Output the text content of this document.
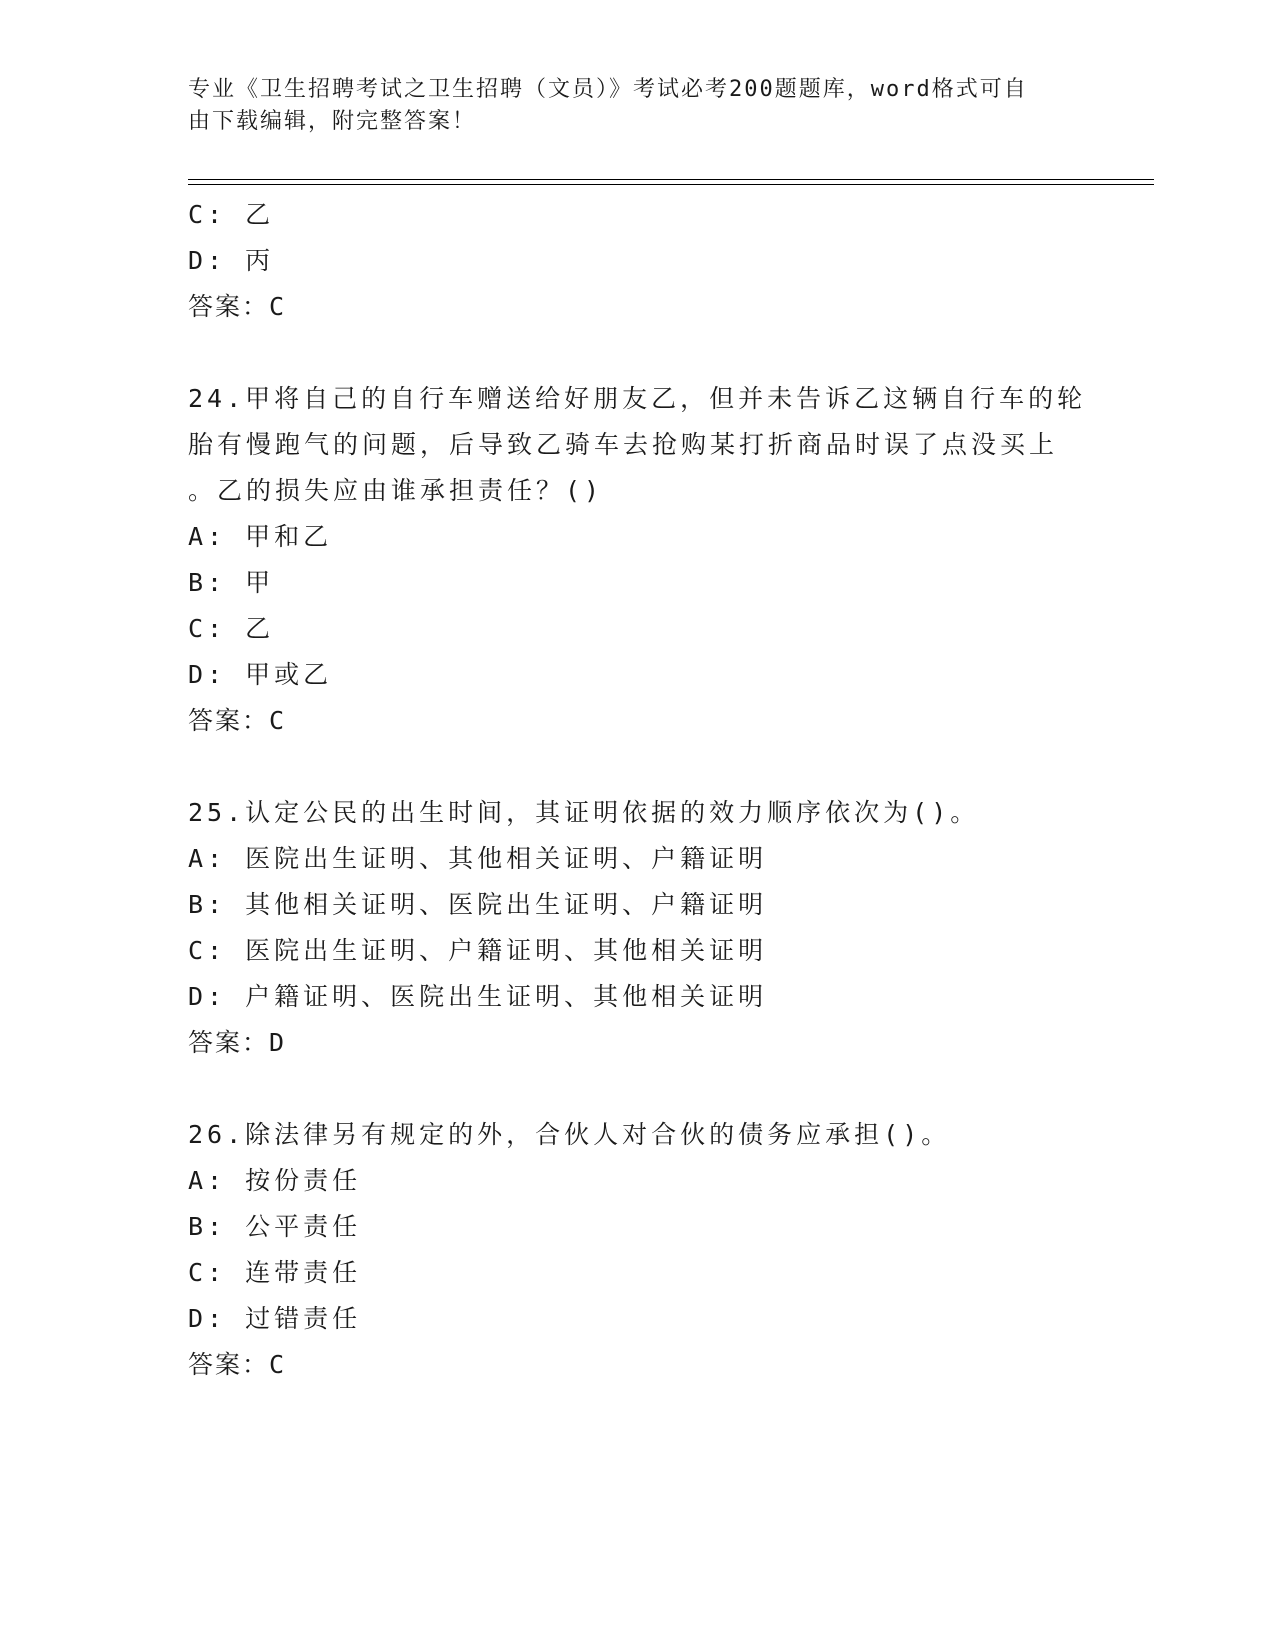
专业《卫生招聘考试之卫生招聘（文员）》考试必考200题题库，word格式可自
由下载编辑，附完整答案！
C: 乙
D: 丙
答案：C
24.甲将自己的自行车赠送给好朋友乙，但并未告诉乙这辆自行车的轮
胎有慢跑气的问题，后导致乙骑车去抢购某打折商品时误了点没买上
。乙的损失应由谁承担责任？()
A: 甲和乙
B: 甲
C: 乙
D: 甲或乙
答案：C
25.认定公民的出生时间，其证明依据的效力顺序依次为()。
A: 医院出生证明、其他相关证明、户籍证明
B: 其他相关证明、医院出生证明、户籍证明
C: 医院出生证明、户籍证明、其他相关证明
D: 户籍证明、医院出生证明、其他相关证明
答案：D
26.除法律另有规定的外，合伙人对合伙的债务应承担()。
A: 按份责任
B: 公平责任
C: 连带责任
D: 过错责任
答案：C
